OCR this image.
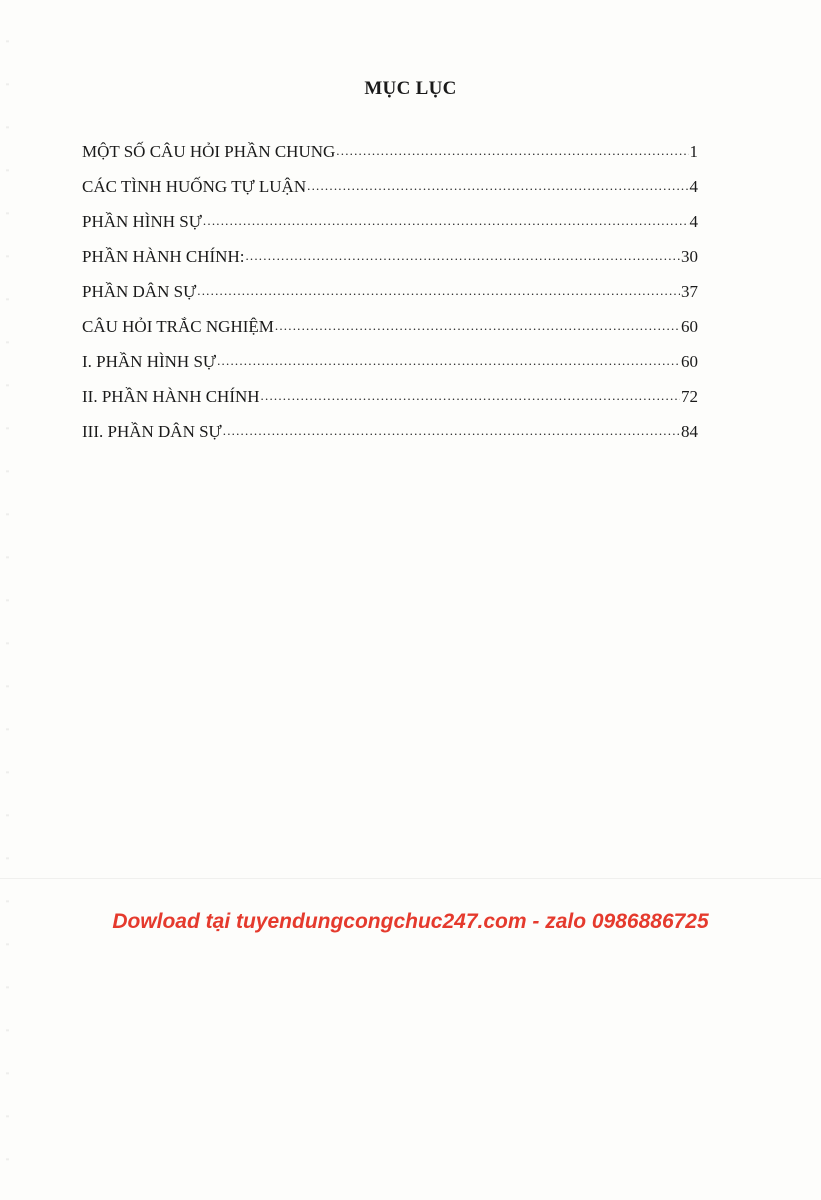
MỤC LỤC
MỘT SỐ CÂU HỎI PHẦN CHUNG .....	1
CÁC TÌNH HUỐNG TỰ LUẬN .....	4
PHẦN HÌNH SỰ .....	4
PHẦN HÀNH CHÍNH: .....	30
PHẦN DÂN SỰ .....	37
CÂU HỎI TRẮC NGHIỆM .....	60
I. PHẦN HÌNH SỰ .....	60
II. PHẦN HÀNH CHÍNH .....	72
III. PHẦN DÂN SỰ .....	84
Dowload tại tuyendungcongchuc247.com - zalo 0986886725
